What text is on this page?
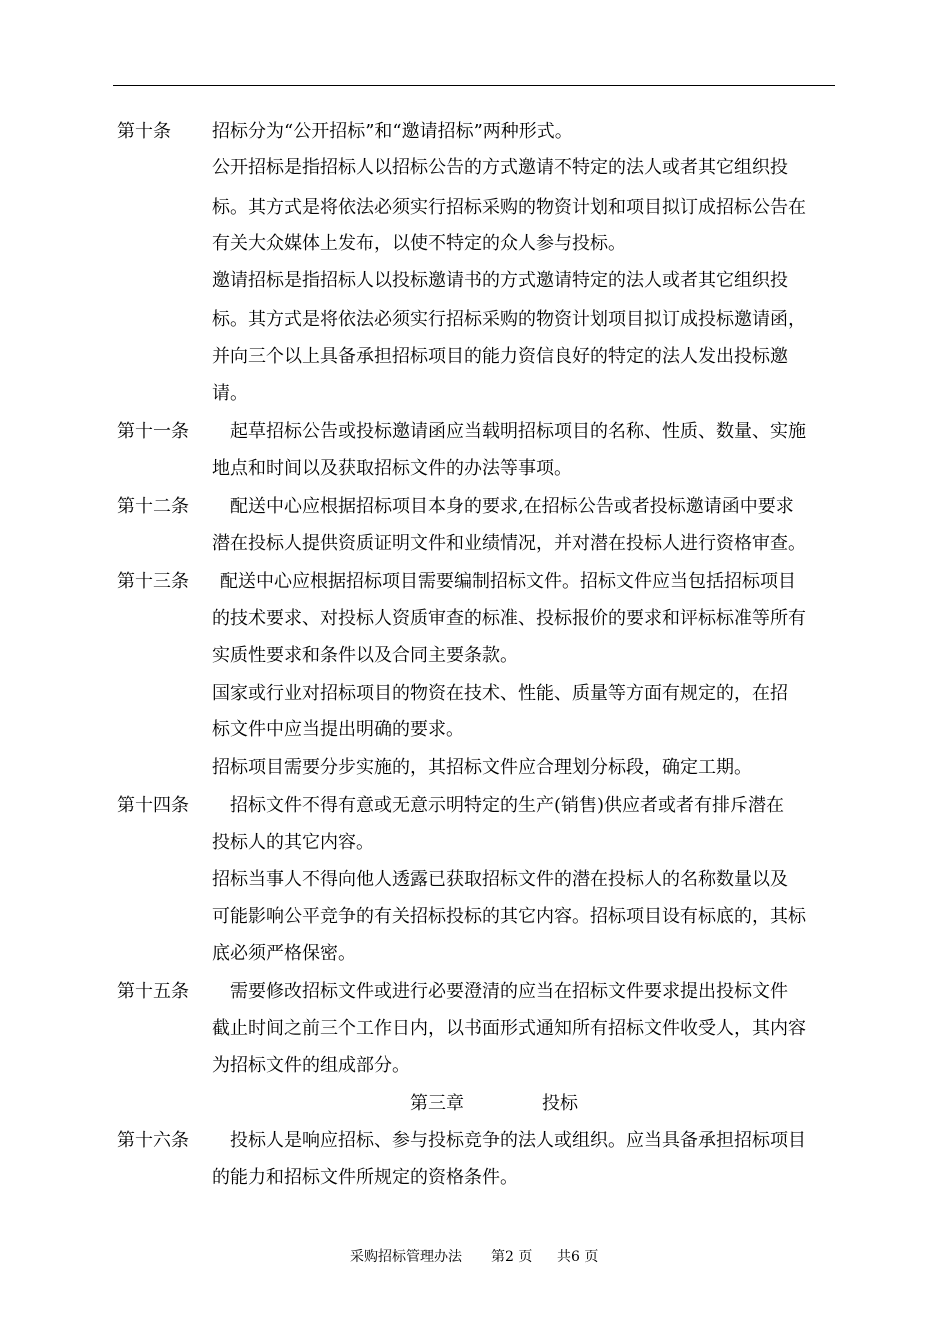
第十条 招标分为“公开招标”和“邀请招标”两种形式。
公开招标是指招标人以招标公告的方式邀请不特定的法人或者其它组织投
标。其方式是将依法必须实行招标采购的物资计划和项目拟订成招标公告在
有关大众媒体上发布，以使不特定的众人参与投标。
邀请招标是指招标人以投标邀请书的方式邀请特定的法人或者其它组织投
标。其方式是将依法必须实行招标采购的物资计划项目拟订成投标邀请函，
并向三个以上具备承担招标项目的能力资信良好的特定的法人发出投标邀
请。
第十一条 起草招标公告或投标邀请函应当载明招标项目的名称、性质、数量、实施
地点和时间以及获取招标文件的办法等事项。
第十二条 配送中心应根据招标项目本身的要求,在招标公告或者投标邀请函中要求
潜在投标人提供资质证明文件和业绩情况，并对潜在投标人进行资格审查。
第十三条 配送中心应根据招标项目需要编制招标文件。招标文件应当包括招标项目
的技术要求、对投标人资质审查的标准、投标报价的要求和评标标准等所有
实质性要求和条件以及合同主要条款。
国家或行业对招标项目的物资在技术、性能、质量等方面有规定的，在招
标文件中应当提出明确的要求。
招标项目需要分步实施的，其招标文件应合理划分标段，确定工期。
第十四条 招标文件不得有意或无意示明特定的生产(销售)供应者或者有排斥潜在
投标人的其它内容。
招标当事人不得向他人透露已获取招标文件的潜在投标人的名称数量以及
可能影响公平竞争的有关招标投标的其它内容。招标项目设有标底的，其标
底必须严格保密。
第十五条 需要修改招标文件或进行必要澄清的应当在招标文件要求提出投标文件
截止时间之前三个工作日内，以书面形式通知所有招标文件收受人，其内容
为招标文件的组成部分。
第三章	投标
第十六条 投标人是响应招标、参与投标竞争的法人或组织。应当具备承担招标项目
的能力和招标文件所规定的资格条件。
采购招标管理办法 第2 页 共6 页
